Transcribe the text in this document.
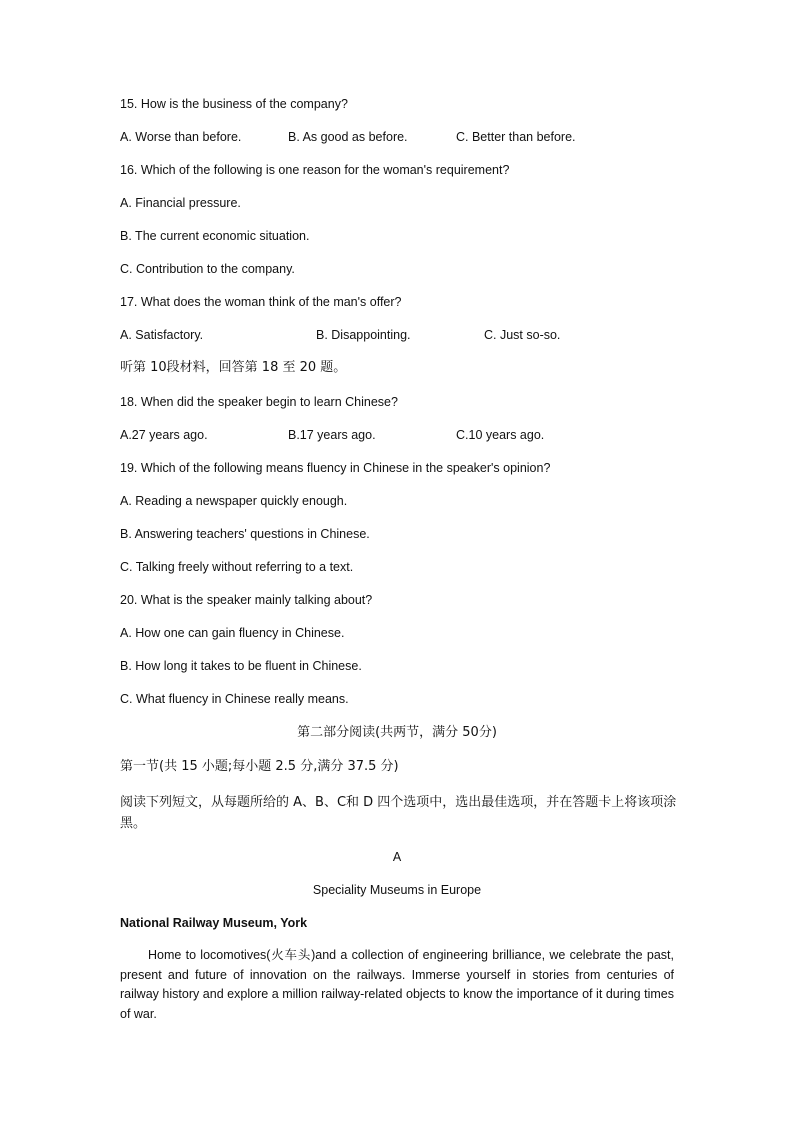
15. How is the business of the company?
A. Worse than before.	B. As good as before.	C. Better than before.
16. Which of the following is one reason for the woman's requirement?
A. Financial pressure.
B. The current economic situation.
C. Contribution to the company.
17. What does the woman think of the man's offer?
A. Satisfactory.	B. Disappointing.	C. Just so-so.
听第 10段材料，回答第 18 至 20 题。
18. When did the speaker begin to learn Chinese?
A.27 years ago.	B.17 years ago.	C.10 years ago.
19. Which of the following means fluency in Chinese in the speaker's opinion?
A. Reading a newspaper quickly enough.
B. Answering teachers' questions in Chinese.
C. Talking freely without referring to a text.
20. What is the speaker mainly talking about?
A. How one can gain fluency in Chinese.
B. How long it takes to be fluent in Chinese.
C. What fluency in Chinese really means.
第二部分阅读(共两节，满分 50分)
第一节(共 15 小题;每小题 2.5 分,满分 37.5 分)
阅读下列短文，从每题所给的 A、B、C和 D 四个选项中，选出最佳选项，并在答题卡上将该项涂黑。
A
Speciality Museums in Europe
National Railway Museum, York
Home to locomotives(火车头)and a collection of engineering brilliance, we celebrate the past, present and future of innovation on the railways. Immerse yourself in stories from centuries of railway history and explore a million railway-related objects to know the importance of it during times of war.
